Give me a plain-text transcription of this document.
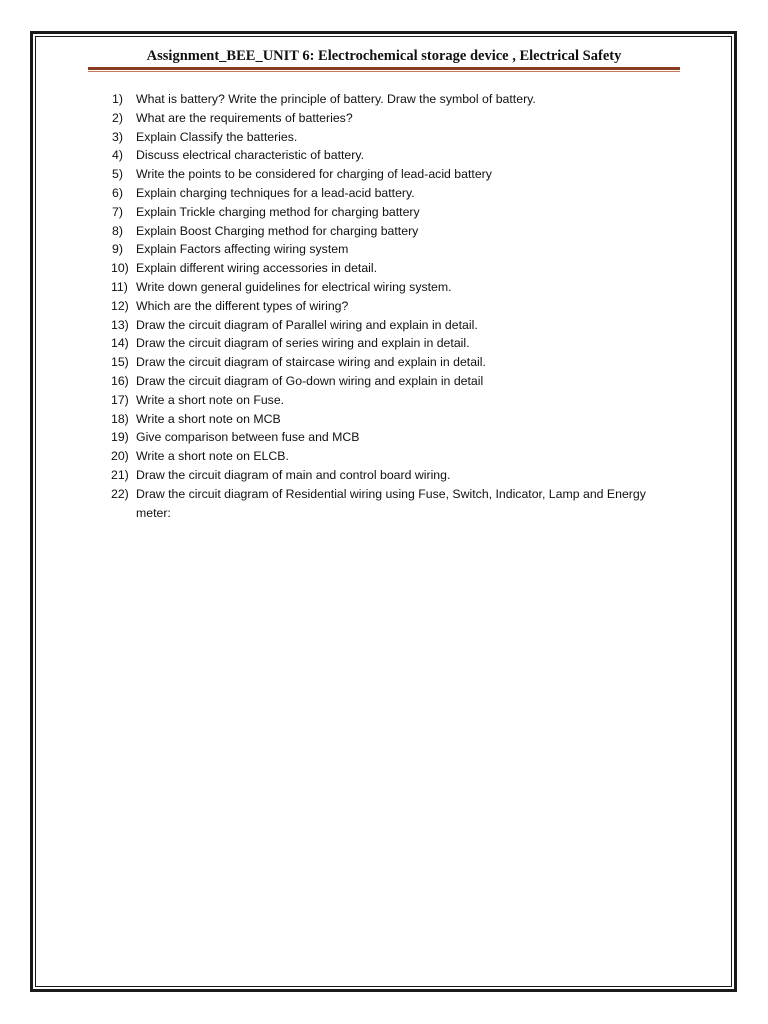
Assignment_BEE_UNIT 6: Electrochemical storage device , Electrical Safety
1)	What is battery? Write the principle of battery. Draw the symbol of battery.
2)	What are the requirements of batteries?
3)	Explain Classify the batteries.
4)	Discuss electrical characteristic of battery.
5)	Write the points to be considered for charging of lead-acid battery
6)	Explain charging techniques for a lead-acid battery.
7)	Explain Trickle charging method for charging battery
8)	Explain Boost Charging method for charging battery
9)	Explain Factors affecting wiring system
10) Explain different wiring accessories in detail.
11) Write down general guidelines for electrical wiring system.
12) Which are the different types of wiring?
13) Draw the circuit diagram of Parallel wiring and explain in detail.
14) Draw the circuit diagram of series wiring and explain in detail.
15) Draw the circuit diagram of staircase wiring and explain in detail.
16) Draw the circuit diagram of Go-down wiring and explain in detail
17) Write a short note on Fuse.
18) Write a short note on MCB
19) Give comparison between fuse and MCB
20) Write a short note on ELCB.
21) Draw the circuit diagram of main and control board wiring.
22) Draw the circuit diagram of Residential wiring using Fuse, Switch, Indicator, Lamp and Energy meter:
